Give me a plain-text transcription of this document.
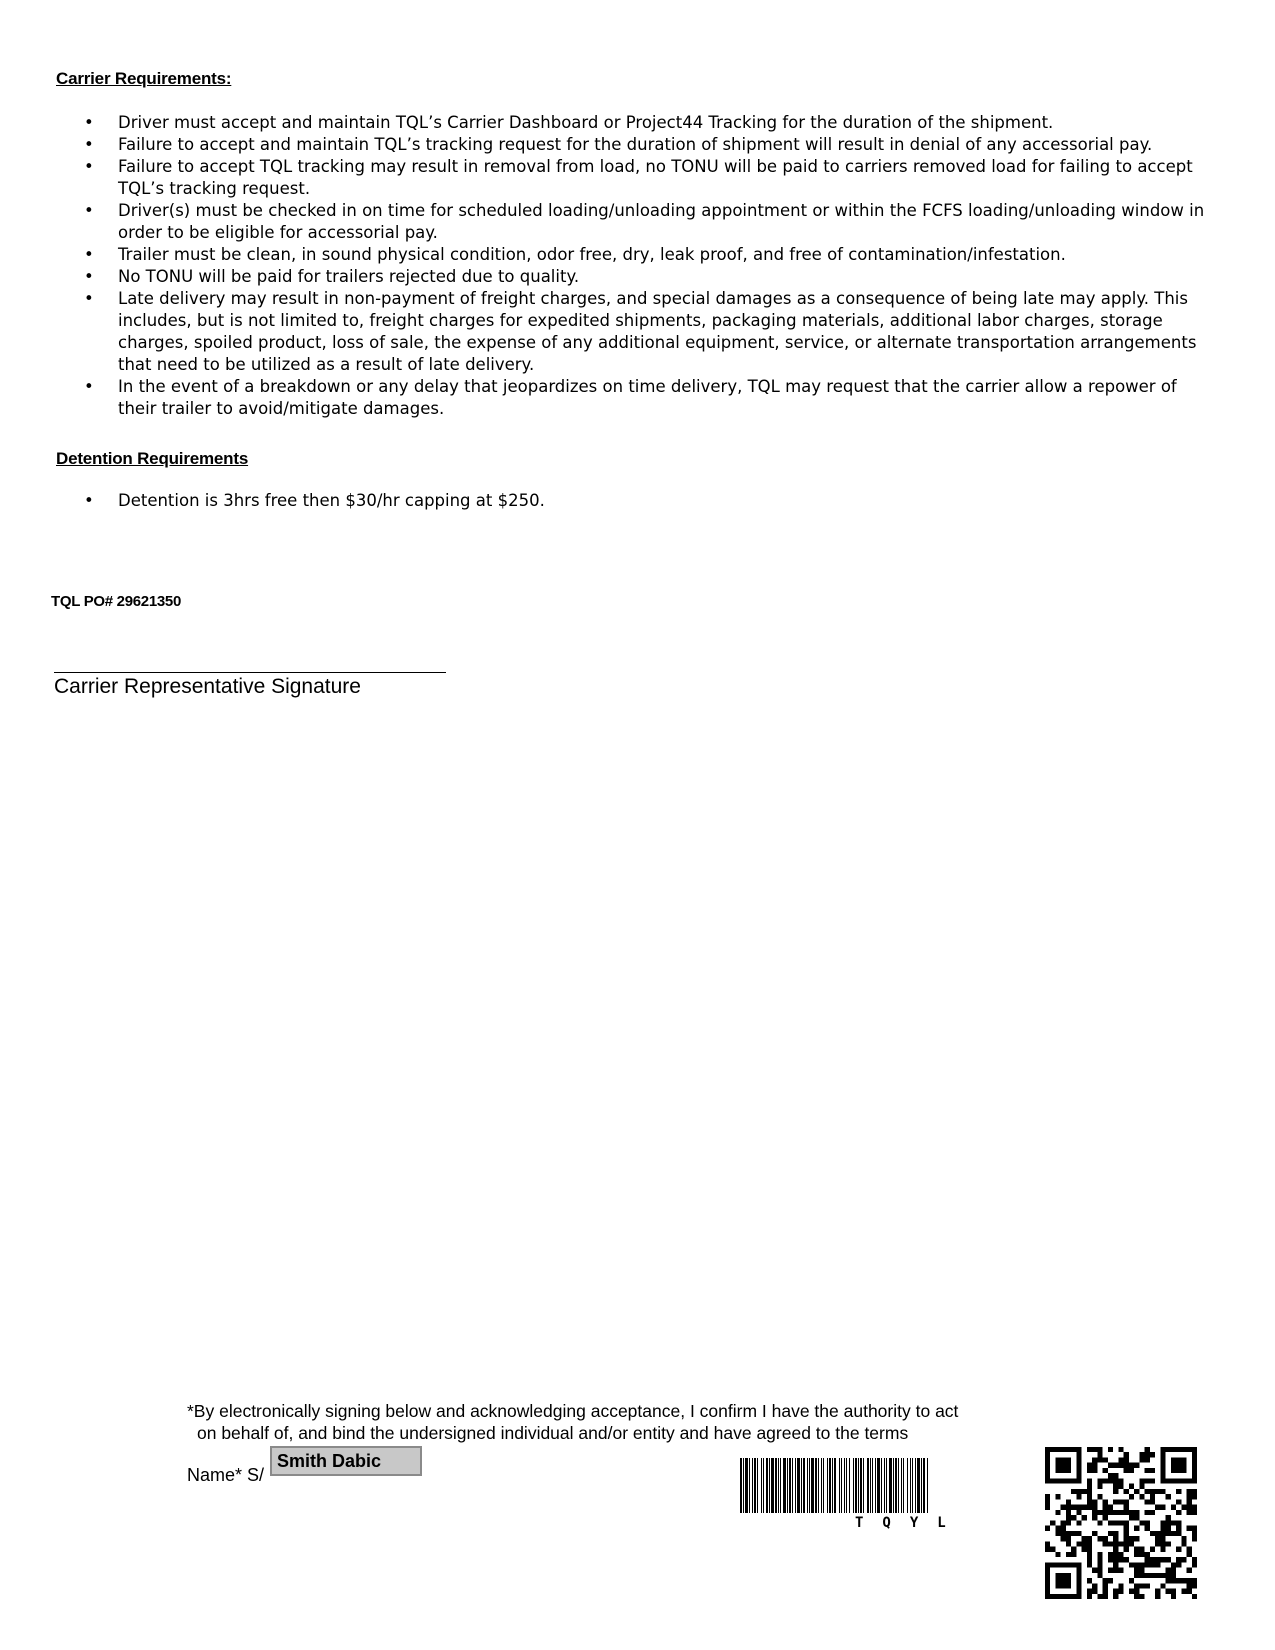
Carrier Requirements:
• Driver must accept and maintain TQL’s Carrier Dashboard or Project44 Tracking for the duration of the shipment.
• Failure to accept and maintain TQL’s tracking request for the duration of shipment will result in denial of any accessorial pay.
• Failure to accept TQL tracking may result in removal from load, no TONU will be paid to carriers removed load for failing to accept TQL’s tracking request.
• Driver(s) must be checked in on time for scheduled loading/unloading appointment or within the FCFS loading/unloading window in order to be eligible for accessorial pay.
• Trailer must be clean, in sound physical condition, odor free, dry, leak proof, and free of contamination/infestation.
• No TONU will be paid for trailers rejected due to quality.
• Late delivery may result in non-payment of freight charges, and special damages as a consequence of being late may apply. This includes, but is not limited to, freight charges for expedited shipments, packaging materials, additional labor charges, storage charges, spoiled product, loss of sale, the expense of any additional equipment, service, or alternate transportation arrangements that need to be utilized as a result of late delivery.
• In the event of a breakdown or any delay that jeopardizes on time delivery, TQL may request that the carrier allow a repower of their trailer to avoid/mitigate damages.
Detention Requirements
• Detention is 3hrs free then $30/hr capping at $250.
TQL PO# 29621350
Carrier Representative Signature
*By electronically signing below and acknowledging acceptance, I confirm I have the authority to act
on behalf of, and bind the undersigned individual and/or entity and have agreed to the terms
Name* S/
Smith Dabic
TQYL
